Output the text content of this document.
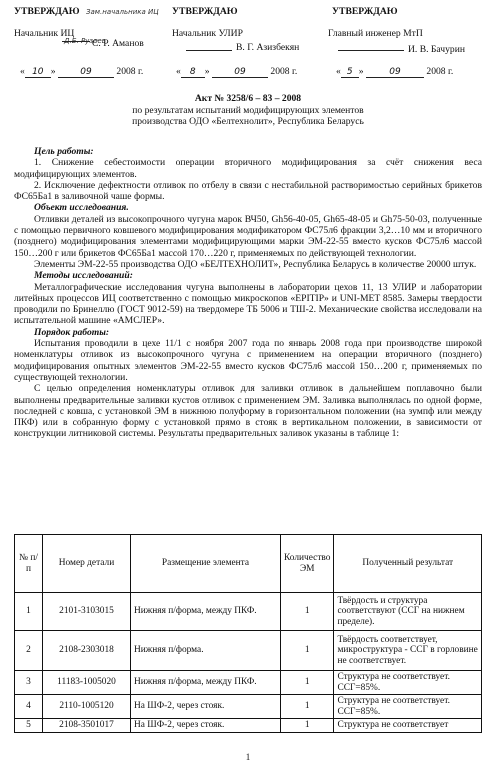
УТВЕРЖДАЮ Зам.начальника ИЦ
Начальник ИЦ
Д.Б. Рузаев
С. Р. Аманов
« 10 » 09	2008 г.
УТВЕРЖДАЮ
Начальник УЛИР
В. Г. Азизбекян
« 8 » 09	2008 г.
УТВЕРЖДАЮ
Главный инженер МтП
И. В. Бачурин
« 5 »	09	2008 г.
Акт № 3258/6 – 83 – 2008
по результатам испытаний модифицирующих элементов
производства ОДО «Белтехнолит», Республика Беларусь

Цель работы:

1. Снижение себестоимости операции вторичного модифицирования за счёт снижения веса модифицирующих элементов.

2. Исключение дефектности отливок по отбелу в связи с нестабильной растворимостью серийных брикетов ФС65Ба1 в заливочной чаше формы.

Объект исследования.

Отливки деталей из высокопрочного чугуна марок ВЧ50, Gh56-40-05, Gh65-48-05 и Gh75-50-03, полученные с помощью первичного ковшевого модифицирования модификатором ФС75л6 фракции 3,2…10 мм и вторичного (позднего) модифицирования элементами модифицирующими марки ЭМ-22-55 вместо кусков ФС75л6 массой 150…200 г или брикетов ФС65Ба1 массой 170…220 г, применяемых по действующей технологии.

Элементы ЭМ-22-55 производства ОДО «БЕЛТЕХНОЛИТ», Республика Беларусь в количестве 20000 штук.

Методы исследований:

Металлографические исследования чугуна выполнены в лаборатории цехов 11, 13 УЛИР и лаборатории литейных процессов ИЦ соответственно с помощью микроскопов «EPITIP» и UNI-MET 8585. Замеры твердости проводили по Бринеллю (ГОСТ 9012-59) на твердомере ТБ 5006 и ТШ-2. Механические свойства исследовали на испытательной машине «АМСЛЕР».

Порядок работы:

Испытания проводили в цехе 11/1 с ноября 2007 года по январь 2008 года при производстве широкой номенклатуры отливок из высокопрочного чугуна с применением на операции вторичного (позднего) модифицирования опытных элементов ЭМ-22-55 вместо кусков ФС75л6 массой 150…200 г, применяемых по существующей технологии.

С целью определения номенклатуры отливок для заливки отливок в дальнейшем поплавочно были выполнены предварительные заливки кустов отливок с применением ЭМ. Заливка выполнялась по одной форме, последней с ковша, с установкой ЭМ в нижнюю полуформу в горизонтальном положении (на зумпф или между ПКФ) или в собранную форму с установкой прямо в стояк в вертикальном положении, в зависимости от конструкции литниковой системы. Результаты предварительных заливок указаны в таблице 1:

№ п/п	Номер детали	Размещение элемента	Количество ЭМ	Полученный результат
1	2101-3103015	Нижняя п/форма, между ПКФ.	1	Твёрдость и структура соответствуют (ССГ на нижнем пределе).
2	2108-2303018	Нижняя п/форма.	1	Твёрдость соответствует, микроструктура - ССГ в горловине не соответствует.
3	11183-1005020	Нижняя п/форма, между ПКФ.	1	Структура не соответствует. ССГ=85%.
4	2110-1005120	На ШФ-2, через стояк.	1	Структура не соответствует. ССГ=85%.
5	2108-3501017	На ШФ-2, через стояк.	1	Структура не соответствует
1
